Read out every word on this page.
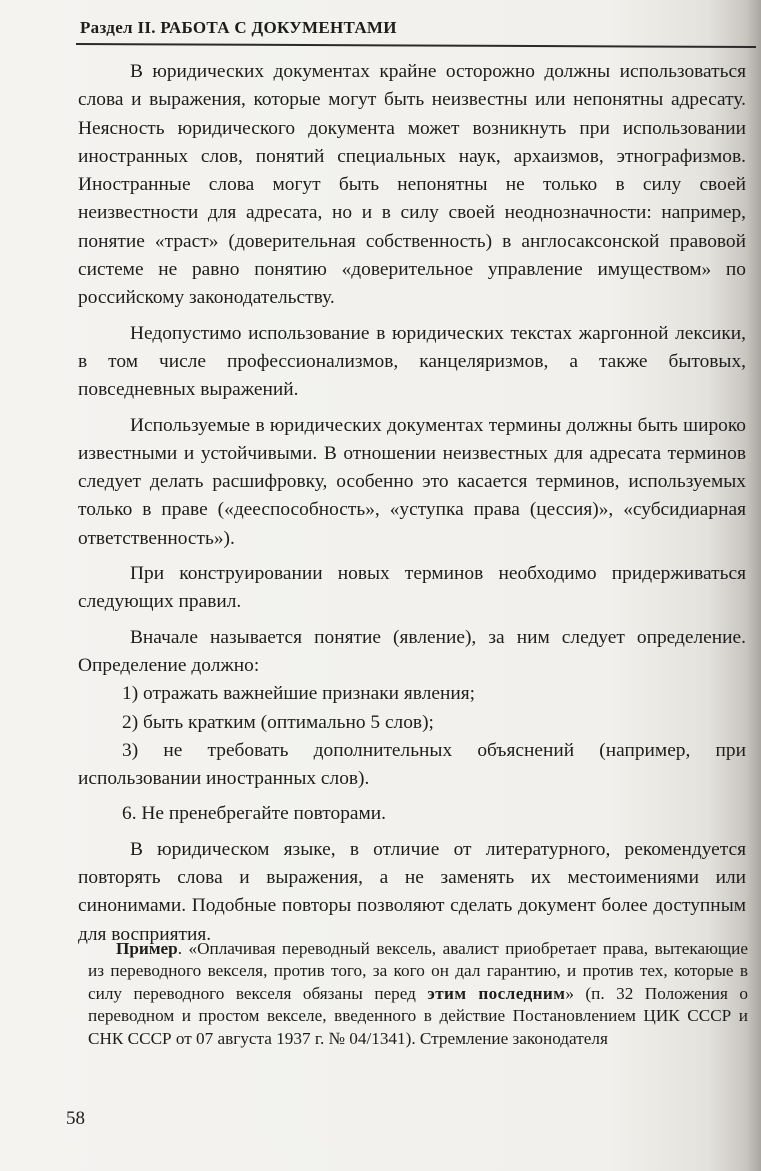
Раздел II. РАБОТА С ДОКУМЕНТАМИ

В юридических документах крайне осторожно должны использоваться слова и выражения, которые могут быть неизвестны или непонятны адресату. Неясность юридического документа может возникнуть при использовании иностранных слов, понятий специальных наук, архаизмов, этнографизмов. Иностранные слова могут быть непонятны не только в силу своей неизвестности для адресата, но и в силу своей неоднозначности: например, понятие «траст» (доверительная собственность) в англосаксонской правовой системе не равно понятию «доверительное управление имуществом» по российскому законодательству.

Недопустимо использование в юридических текстах жаргонной лексики, в том числе профессионализмов, канцеляризмов, а также бытовых, повседневных выражений.

Используемые в юридических документах термины должны быть широко известными и устойчивыми. В отношении неизвестных для адресата терминов следует делать расшифровку, особенно это касается терминов, используемых только в праве («дееспособность», «уступка права (цессия)», «субсидиарная ответственность»).

При конструировании новых терминов необходимо придерживаться следующих правил.

Вначале называется понятие (явление), за ним следует определение. Определение должно:

1) отражать важнейшие признаки явления;

2) быть кратким (оптимально 5 слов);

3) не требовать дополнительных объяснений (например, при использовании иностранных слов).

6. Не пренебрегайте повторами.

В юридическом языке, в отличие от литературного, рекомендуется повторять слова и выражения, а не заменять их местоимениями или синонимами. Подобные повторы позволяют сделать документ более доступным для восприятия.

Пример. «Оплачивая переводный вексель, авалист приобретает права, вытекающие из переводного векселя, против того, за кого он дал гарантию, и против тех, которые в силу переводного векселя обязаны перед этим последним» (п. 32 Положения о переводном и простом векселе, введенного в действие Постановлением ЦИК СССР и СНК СССР от 07 августа 1937 г. № 04/1341). Стремление законодателя

58
